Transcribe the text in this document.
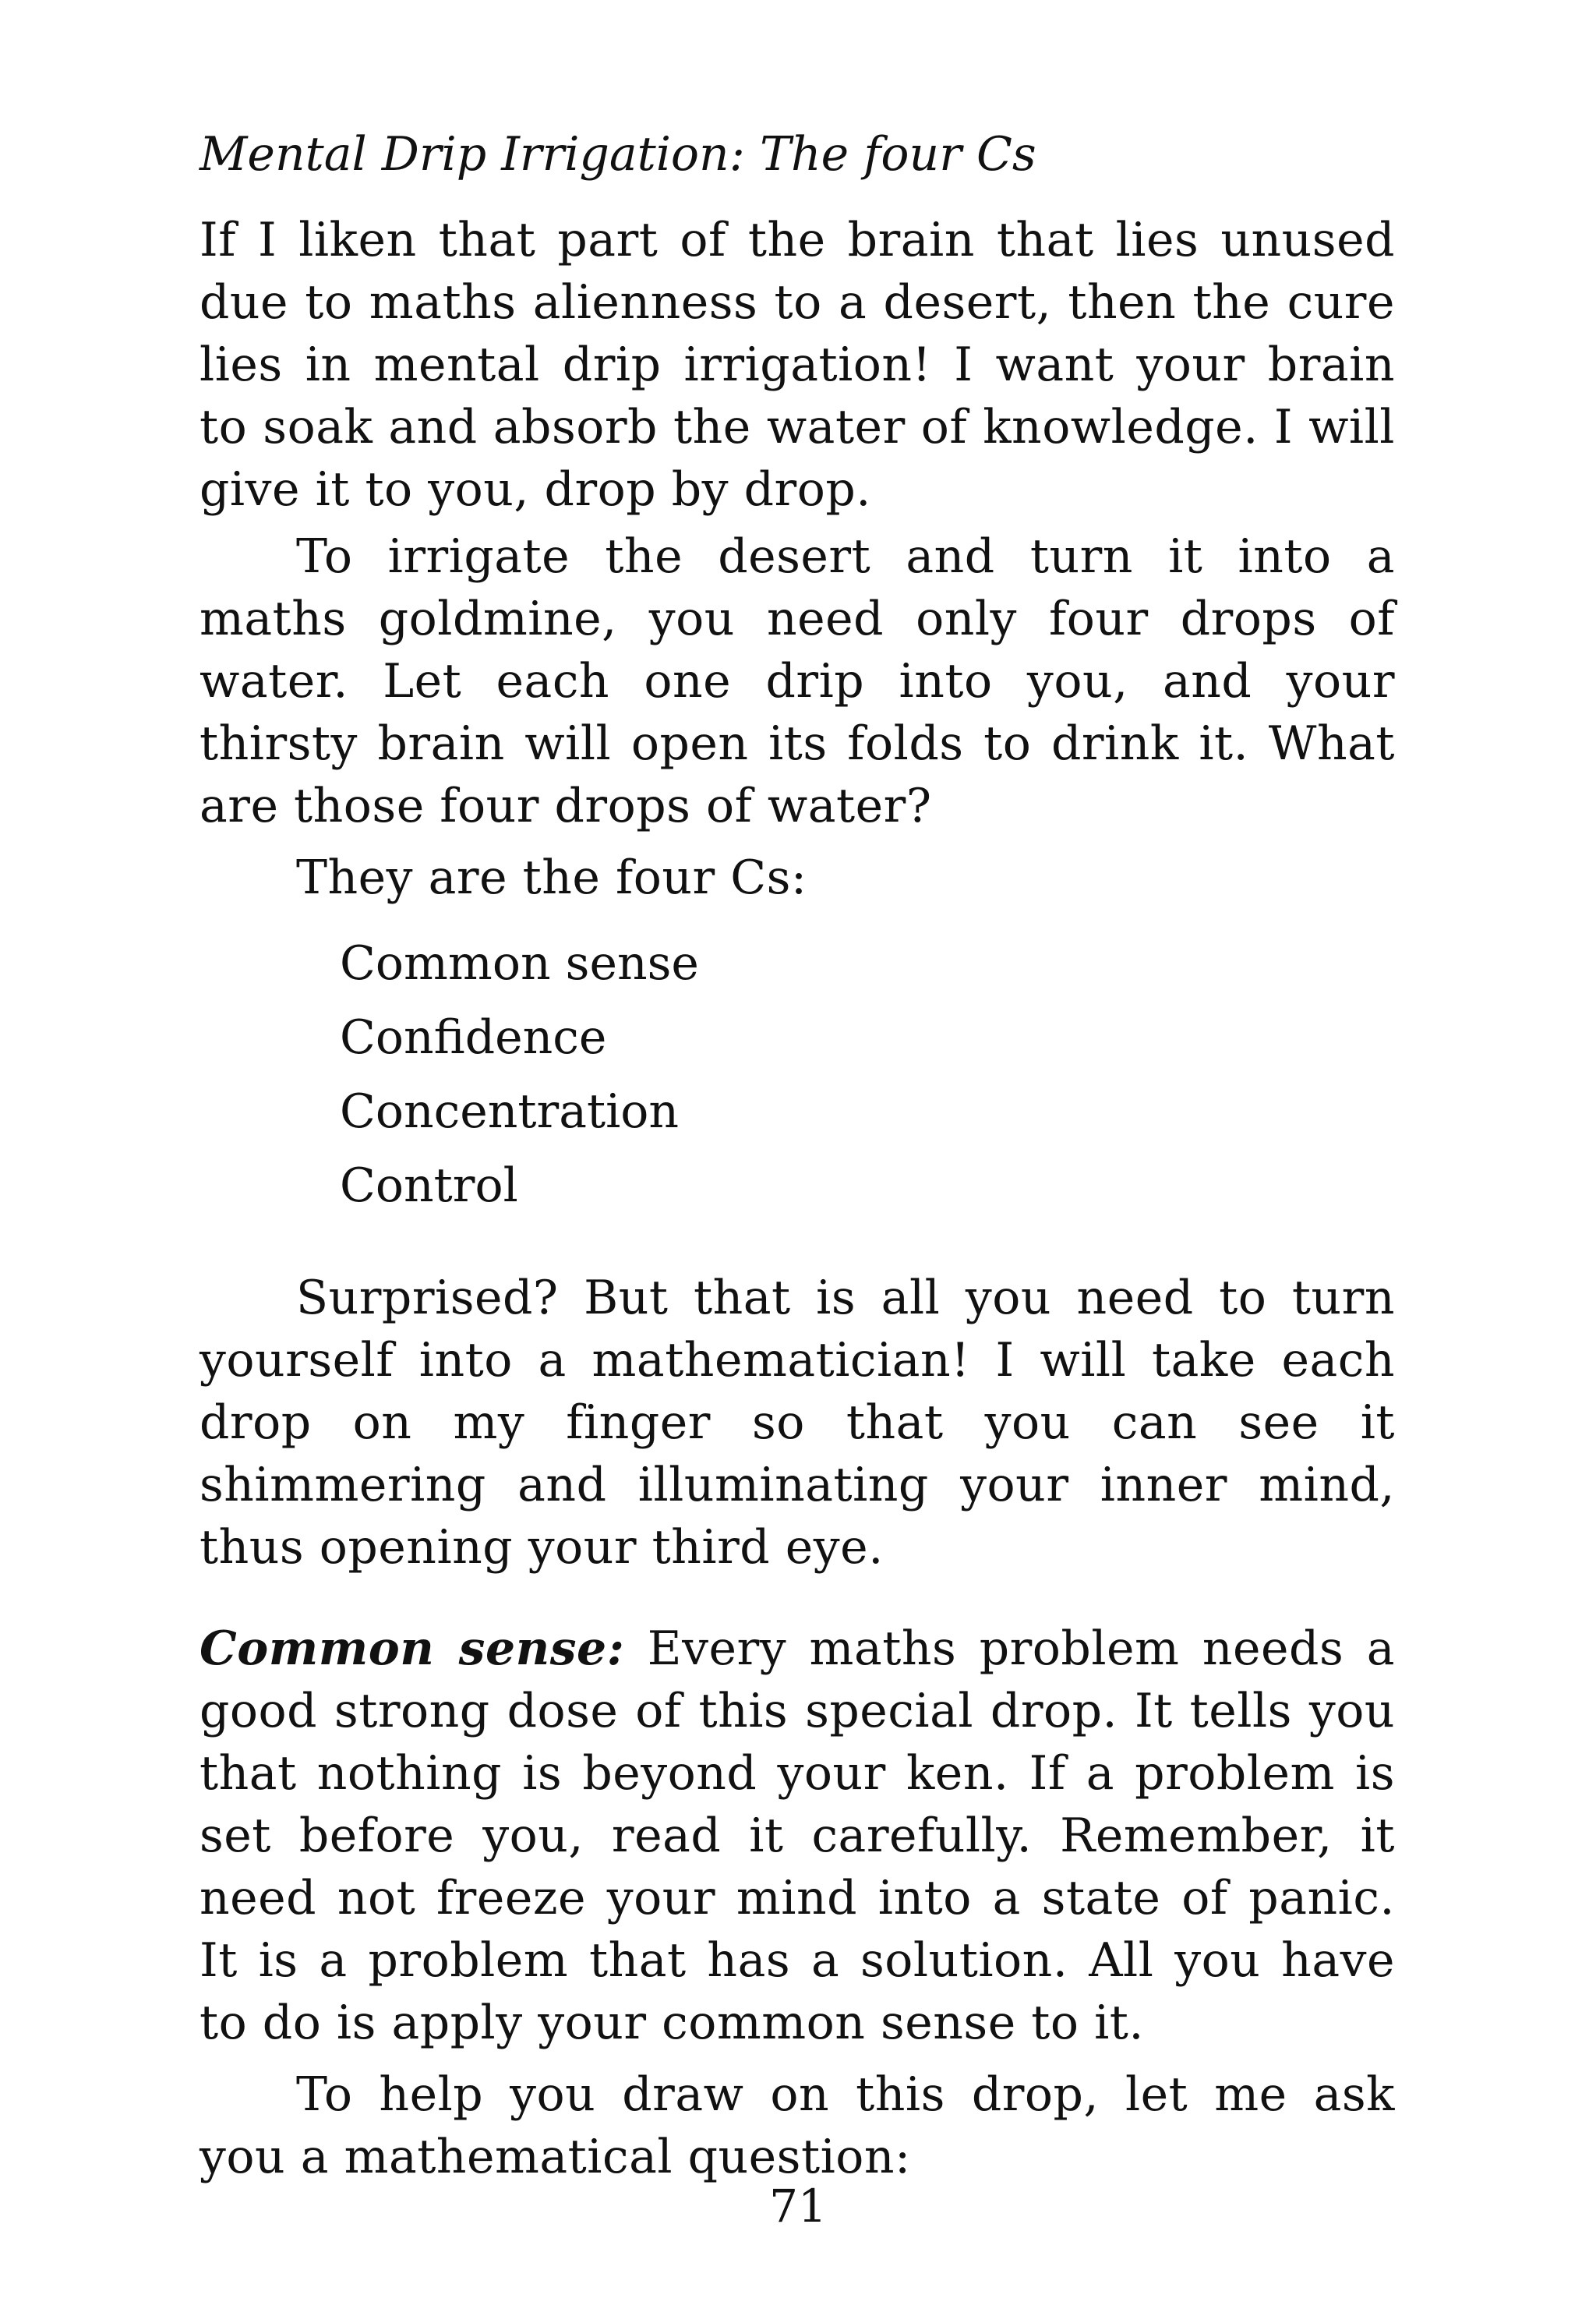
Mental Drip Irrigation: The four Cs

If I liken that part of the brain that lies unused due to maths alienness to a desert, then the cure lies in mental drip irrigation! I want your brain to soak and absorb the water of knowledge. I will give it to you, drop by drop.

To irrigate the desert and turn it into a maths goldmine, you need only four drops of water. Let each one drip into you, and your thirsty brain will open its folds to drink it. What are those four drops of water?

They are the four Cs:

Common sense
Confidence
Concentration
Control

Surprised? But that is all you need to turn yourself into a mathematician! I will take each drop on my finger so that you can see it shimmering and illuminating your inner mind, thus opening your third eye.

Common sense: Every maths problem needs a good strong dose of this special drop. It tells you that nothing is beyond your ken. If a problem is set before you, read it carefully. Remember, it need not freeze your mind into a state of panic. It is a problem that has a solution. All you have to do is apply your common sense to it.

To help you draw on this drop, let me ask you a mathematical question:

71
